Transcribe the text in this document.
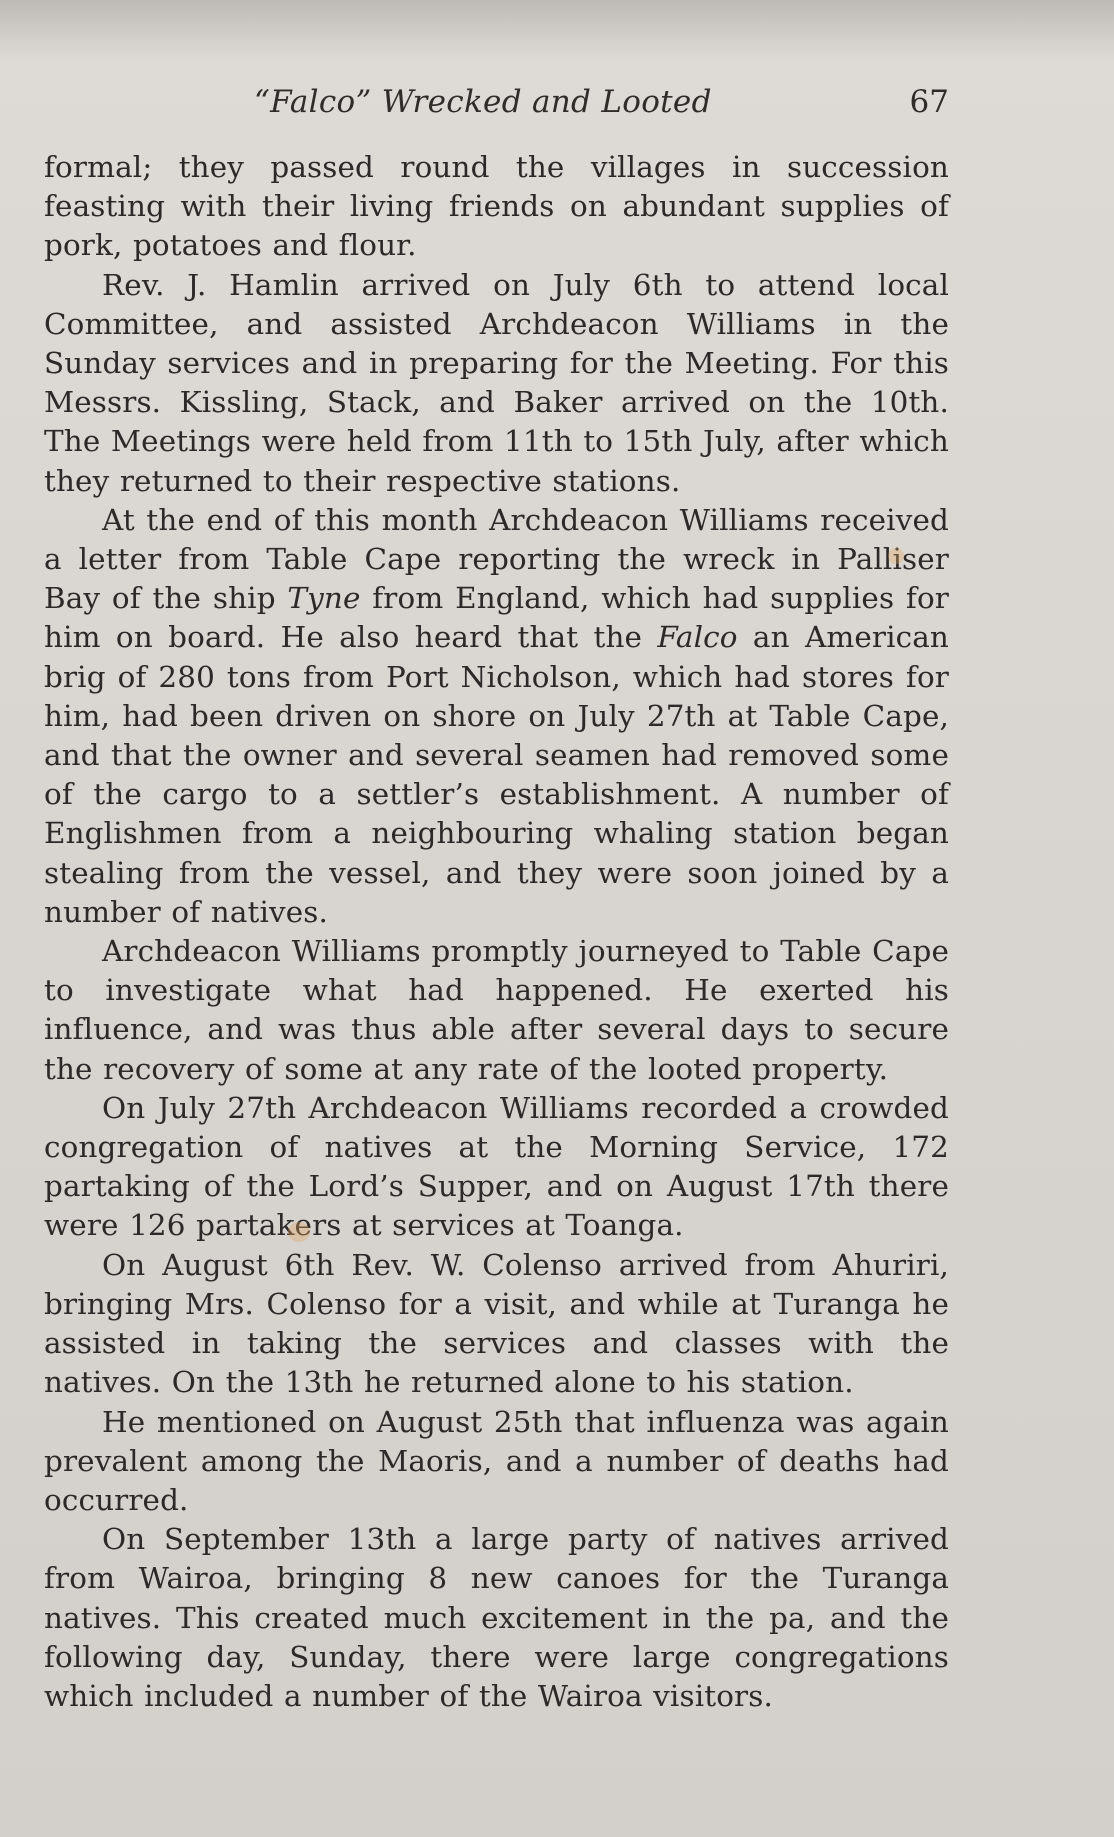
“Falco” Wrecked and Looted	67

formal; they passed round the villages in succession feasting with their living friends on abundant supplies of pork, potatoes and flour.

Rev. J. Hamlin arrived on July 6th to attend local Committee, and assisted Archdeacon Williams in the Sunday services and in preparing for the Meeting. For this Messrs. Kissling, Stack, and Baker arrived on the 10th. The Meetings were held from 11th to 15th July, after which they returned to their respective stations.

At the end of this month Archdeacon Williams received a letter from Table Cape reporting the wreck in Palliser Bay of the ship Tyne from England, which had supplies for him on board. He also heard that the Falco an American brig of 280 tons from Port Nicholson, which had stores for him, had been driven on shore on July 27th at Table Cape, and that the owner and several seamen had removed some of the cargo to a settler’s establishment. A number of Englishmen from a neighbouring whaling station began stealing from the vessel, and they were soon joined by a number of natives.

Archdeacon Williams promptly journeyed to Table Cape to investigate what had happened. He exerted his influence, and was thus able after several days to secure the recovery of some at any rate of the looted property.

On July 27th Archdeacon Williams recorded a crowded congregation of natives at the Morning Service, 172 partaking of the Lord’s Supper, and on August 17th there were 126 partakers at services at Toanga.

On August 6th Rev. W. Colenso arrived from Ahuriri, bringing Mrs. Colenso for a visit, and while at Turanga he assisted in taking the services and classes with the natives. On the 13th he returned alone to his station.

He mentioned on August 25th that influenza was again prevalent among the Maoris, and a number of deaths had occurred.

On September 13th a large party of natives arrived from Wairoa, bringing 8 new canoes for the Turanga natives. This created much excitement in the pa, and the following day, Sunday, there were large congregations which included a number of the Wairoa visitors.
